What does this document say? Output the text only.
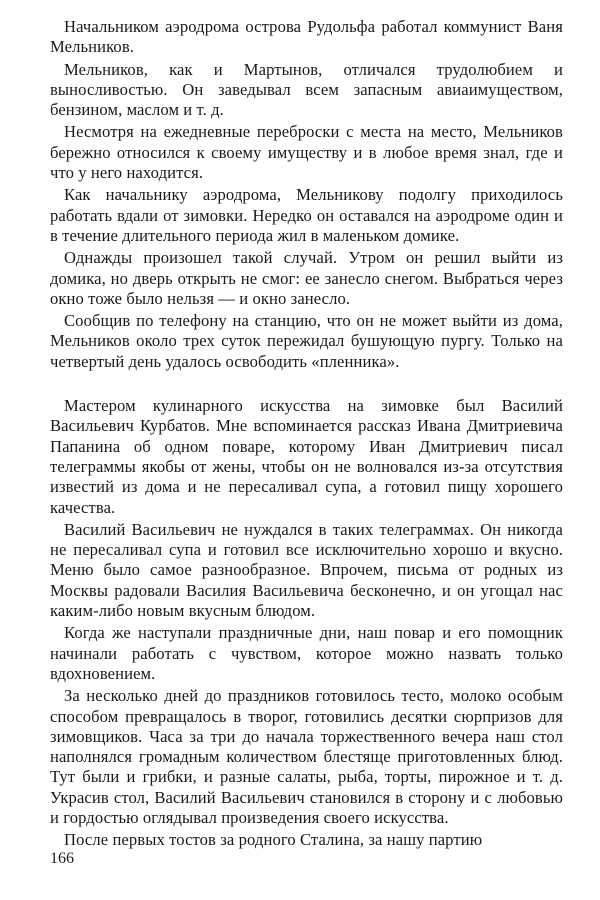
Начальником аэродрома острова Рудольфа работал коммунист Ваня Мельников.

Мельников, как и Мартынов, отличался трудолюбием и выносливостью. Он заведывал всем запасным авиаимуществом, бензином, маслом и т. д.

Несмотря на ежедневные переброски с места на место, Мельников бережно относился к своему имуществу и в любое время знал, где и что у него находится.

Как начальнику аэродрома, Мельникову подолгу приходилось работать вдали от зимовки. Нередко он оставался на аэродроме один и в течение длительного периода жил в маленьком домике.

Однажды произошел такой случай. Утром он решил выйти из домика, но дверь открыть не смог: ее занесло снегом. Выбраться через окно тоже было нельзя — и окно занесло.

Сообщив по телефону на станцию, что он не может выйти из дома, Мельников около трех суток пережидал бушующую пургу. Только на четвертый день удалось освободить «пленника».

Мастером кулинарного искусства на зимовке был Василий Васильевич Курбатов. Мне вспоминается рассказ Ивана Дмитриевича Папанина об одном поваре, которому Иван Дмитриевич писал телеграммы якобы от жены, чтобы он не волновался из-за отсутствия известий из дома и не пересаливал супа, а готовил пищу хорошего качества.

Василий Васильевич не нуждался в таких телеграммах. Он никогда не пересаливал супа и готовил все исключительно хорошо и вкусно. Меню было самое разнообразное. Впрочем, письма от родных из Москвы радовали Василия Васильевича бесконечно, и он угощал нас каким-либо новым вкусным блюдом.

Когда же наступали праздничные дни, наш повар и его помощник начинали работать с чувством, которое можно назвать только вдохновением.

За несколько дней до праздников готовилось тесто, молоко особым способом превращалось в творог, готовились десятки сюрпризов для зимовщиков. Часа за три до начала торжественного вечера наш стол наполнялся громадным количеством блестяще приготовленных блюд. Тут были и грибки, и разные салаты, рыба, торты, пирожное и т. д. Украсив стол, Василий Васильевич становился в сторону и с любовью и гордостью оглядывал произведения своего искусства.

После первых тостов за родного Сталина, за нашу партию

166
